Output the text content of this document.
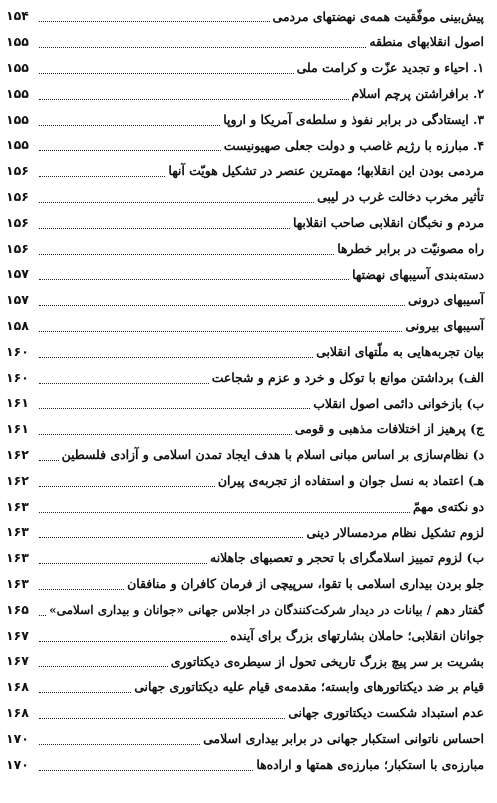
پیش‌بینی موفّقیت همه‌ی نهضتهای مردمی
۱۵۴
اصول انقلابهای منطقه
۱۵۵
۱. احیاء و تجدید عزّت و کرامت ملی
۱۵۵
۲. برافراشتن پرچم اسلام
۱۵۵
۳. ایستادگی در برابر نفوذ و سلطه‌ی آمریکا و اروپا
۱۵۵
۴. مبارزه با رژیم غاصب و دولت جعلی صهیونیست
۱۵۵
مردمی بودن این انقلابها؛ مهمترین عنصر در تشکیل هویّت آنها
۱۵۶
تأثیر مخرب دخالت غرب در لیبی
۱۵۶
مردم و نخبگان انقلابی صاحب انقلابها
۱۵۶
راه مصونیّت در برابر خطرها
۱۵۶
دسته‌بندی آسیبهای نهضتها
۱۵۷
آسیبهای درونی
۱۵۷
آسیبهای بیرونی
۱۵۸
بیان تجربه‌هایی به ملّتهای انقلابی
۱۶۰
الف) برداشتن موانع با توکل و خرد و عزم و شجاعت
۱۶۰
ب) بازخوانی دائمی اصول انقلاب
۱۶۱
ج) پرهیز از اختلافات مذهبی و قومی
۱۶۱
د) نظام‌سازی بر اساس مبانی اسلام با هدف ایجاد تمدن اسلامی و آزادی فلسطین
۱۶۲
هـ) اعتماد به نسل جوان و استفاده از تجربه‌ی پیران
۱۶۲
دو نکته‌ی مهمّ
۱۶۳
لزوم تشکیل نظام مردمسالار دینی
۱۶۳
ب) لزوم تمییز اسلامگرای با تحجر و تعصبهای جاهلانه
۱۶۳
جلو بردن بیداری اسلامی با تقوا، سرپیچی از فرمان کافران و منافقان
۱۶۳
گفتار دهم / بیانات در دیدار شرکت‌کنندگان در اجلاس جهانی «جوانان و بیداری اسلامی»
۱۶۵
جوانان انقلابی؛ حاملان بشارتهای بزرگ برای آینده
۱۶۷
بشریت بر سر پیچ بزرگ تاریخی تحول از سیطره‌ی دیکتاتوری
۱۶۷
قیام بر ضد دیکتاتورهای وابسته؛ مقدمه‌ی قیام علیه دیکتاتوری جهانی
۱۶۸
عدم استبداد شکست دیکتاتوری جهانی
۱۶۸
احساس ناتوانی استکبار جهانی در برابر بیداری اسلامی
۱۷۰
مبارزه‌ی با استکبار؛ مبارزه‌ی همتها و اراده‌ها
۱۷۰
